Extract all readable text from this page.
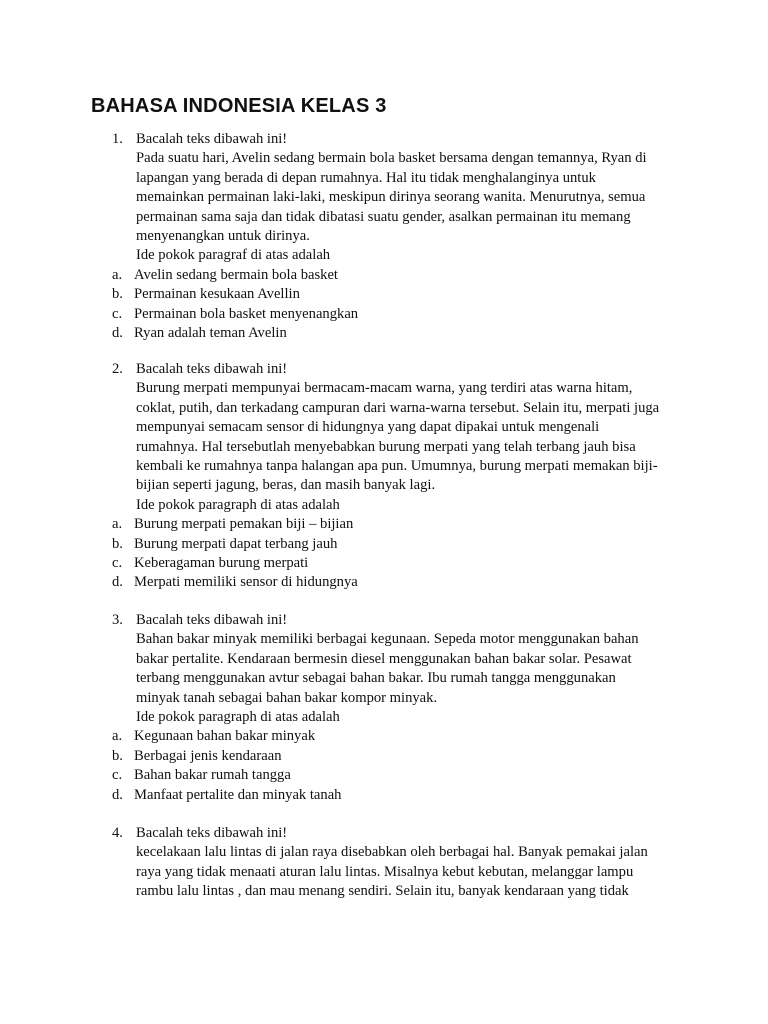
BAHASA INDONESIA KELAS 3
1. Bacalah teks dibawah ini!
Pada suatu hari, Avelin sedang bermain bola basket bersama dengan temannya, Ryan di
lapangan yang berada di depan rumahnya. Hal itu tidak menghalanginya untuk
memainkan permainan laki-laki, meskipun dirinya seorang wanita. Menurutnya, semua
permainan sama saja dan tidak dibatasi suatu gender, asalkan permainan itu memang
menyenangkan untuk dirinya.
Ide pokok paragraf di atas adalah
a. Avelin sedang bermain bola basket
b. Permainan kesukaan Avellin
c. Permainan bola basket menyenangkan
d. Ryan adalah teman Avelin
2. Bacalah teks dibawah ini!
Burung merpati mempunyai bermacam-macam warna, yang terdiri atas warna hitam,
coklat, putih, dan terkadang campuran dari warna-warna tersebut. Selain itu, merpati juga
mempunyai semacam sensor di hidungnya yang dapat dipakai untuk mengenali
rumahnya. Hal tersebutlah menyebabkan burung merpati yang telah terbang jauh bisa
kembali ke rumahnya tanpa halangan apa pun. Umumnya, burung merpati memakan biji-
bijian seperti jagung, beras, dan masih banyak lagi.
Ide pokok paragraph di atas adalah
a. Burung merpati pemakan biji – bijian
b. Burung merpati dapat terbang jauh
c. Keberagaman burung merpati
d. Merpati memiliki sensor di hidungnya
3. Bacalah teks dibawah ini!
Bahan bakar minyak memiliki berbagai kegunaan. Sepeda motor menggunakan bahan
bakar pertalite. Kendaraan bermesin diesel menggunakan bahan bakar solar. Pesawat
terbang menggunakan avtur sebagai bahan bakar. Ibu rumah tangga menggunakan
minyak tanah sebagai bahan bakar kompor minyak.
Ide pokok paragraph di atas adalah
a. Kegunaan bahan bakar minyak
b. Berbagai jenis kendaraan
c. Bahan bakar rumah tangga
d. Manfaat pertalite dan minyak tanah
4. Bacalah teks dibawah ini!
kecelakaan lalu lintas di jalan raya disebabkan oleh berbagai hal. Banyak pemakai jalan
raya yang tidak menaati aturan lalu lintas. Misalnya kebut kebutan, melanggar lampu
rambu lalu lintas , dan mau menang sendiri. Selain itu, banyak kendaraan yang tidak
